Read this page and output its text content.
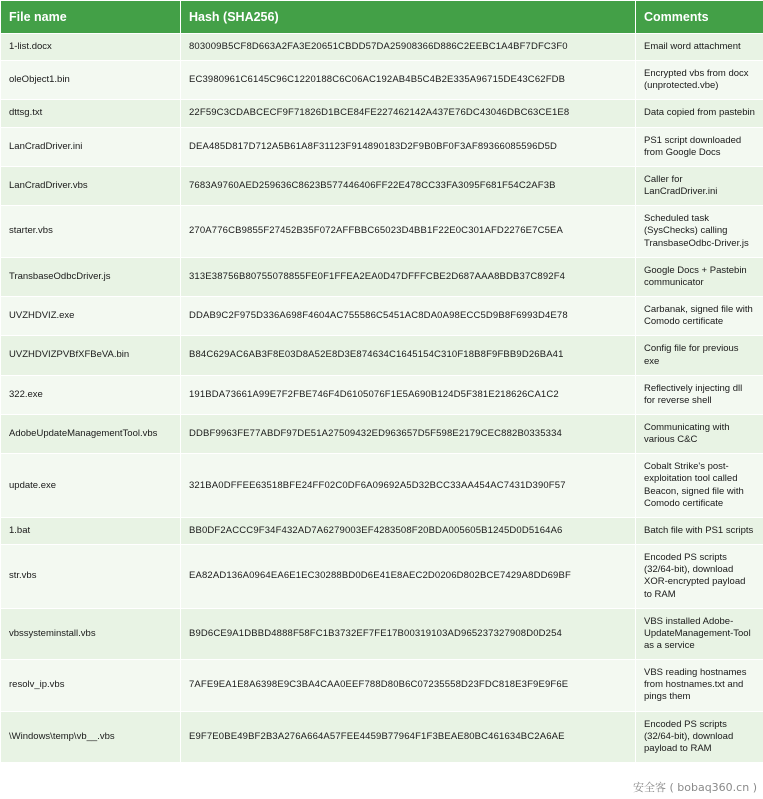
File name	Hash (SHA256)	Comments
1-list.docx	803009B5CF8D663A2FA3E20651CBDD57DA25908366D886C2EEBC1A4BF7DFC3F0	Email word attachment
oleObject1.bin	EC3980961C6145C96C1220188C6C06AC192AB4B5C4B2E335A96715DE43C62FDB	Encrypted vbs from docx (unprotected.vbe)
dttsg.txt	22F59C3CDABCECF9F71826D1BCE84FE227462142A437E76DC43046DBC63CE1E8	Data copied from pastebin
LanCradDriver.ini	DEA485D817D712A5B61A8F31123F914890183D2F9B0BF0F3AF89366085596D5D	PS1 script downloaded from Google Docs
LanCradDriver.vbs	7683A9760AED259636C8623B577446406FF22E478CC33FA3095F681F54C2AF3B	Caller for LanCradDriver.ini
starter.vbs	270A776CB9855F27452B35F072AFFBBC65023D4BB1F22E0C301AFD2276E7C5EA	Scheduled task (SysChecks) calling TransbaseOdbc-Driver.js
TransbaseOdbcDriver.js	313E38756B80755078855FE0F1FFEA2EA0D47DFFFCBE2D687AAA8BDB37C892F4	Google Docs + Pastebin communicator
UVZHDVIZ.exe	DDAB9C2F975D336A698F4604AC755586C5451AC8DA0A98ECC5D9B8F6993D4E78	Carbanak, signed file with Comodo certificate
UVZHDVIZPVBfXFBeVA.bin	B84C629AC6AB3F8E03D8A52E8D3E874634C1645154C310F18B8F9FBB9D26BA41	Config file for previous exe
322.exe	191BDA73661A99E7F2FBE746F4D6105076F1E5A690B124D5F381E218626CA1C2	Reflectively injecting dll for reverse shell
AdobeUpdateManagementTool.vbs	DDBF9963FE77ABDF97DE51A27509432ED963657D5F598E2179CEC882B0335334	Communicating with various C&C
update.exe	321BA0DFFEE63518BFE24FF02C0DF6A09692A5D32BCC33AA454AC7431D390F57	Cobalt Strike's post-exploitation tool called Beacon, signed file with Comodo certificate
1.bat	BB0DF2ACCC9F34F432AD7A6279003EF4283508F20BDA005605B1245D0D5164A6	Batch file with PS1 scripts
str.vbs	EA82AD136A0964EA6E1EC30288BD0D6E41E8AEC2D0206D802BCE7429A8DD69BF	Encoded PS scripts (32/64-bit), download XOR-encrypted payload to RAM
vbssysteminstall.vbs	B9D6CE9A1DBBD4888F58FC1B3732EF7FE17B00319103AD965237327908D0D254	VBS installed Adobe-UpdateManagement-Tool as a service
resolv_ip.vbs	7AFE9EA1E8A6398E9C3BA4CAA0EEF788D80B6C07235558D23FDC818E3F9E9F6E	VBS reading hostnames from hostnames.txt and pings them
\Windows\temp\vb__.vbs	E9F7E0BE49BF2B3A276A664A57FEE4459B77964F1F3BEAE80BC461634BC2A6AE	Encoded PS scripts (32/64-bit), download payload to RAM
安全客 ( bobaq360.cn )
